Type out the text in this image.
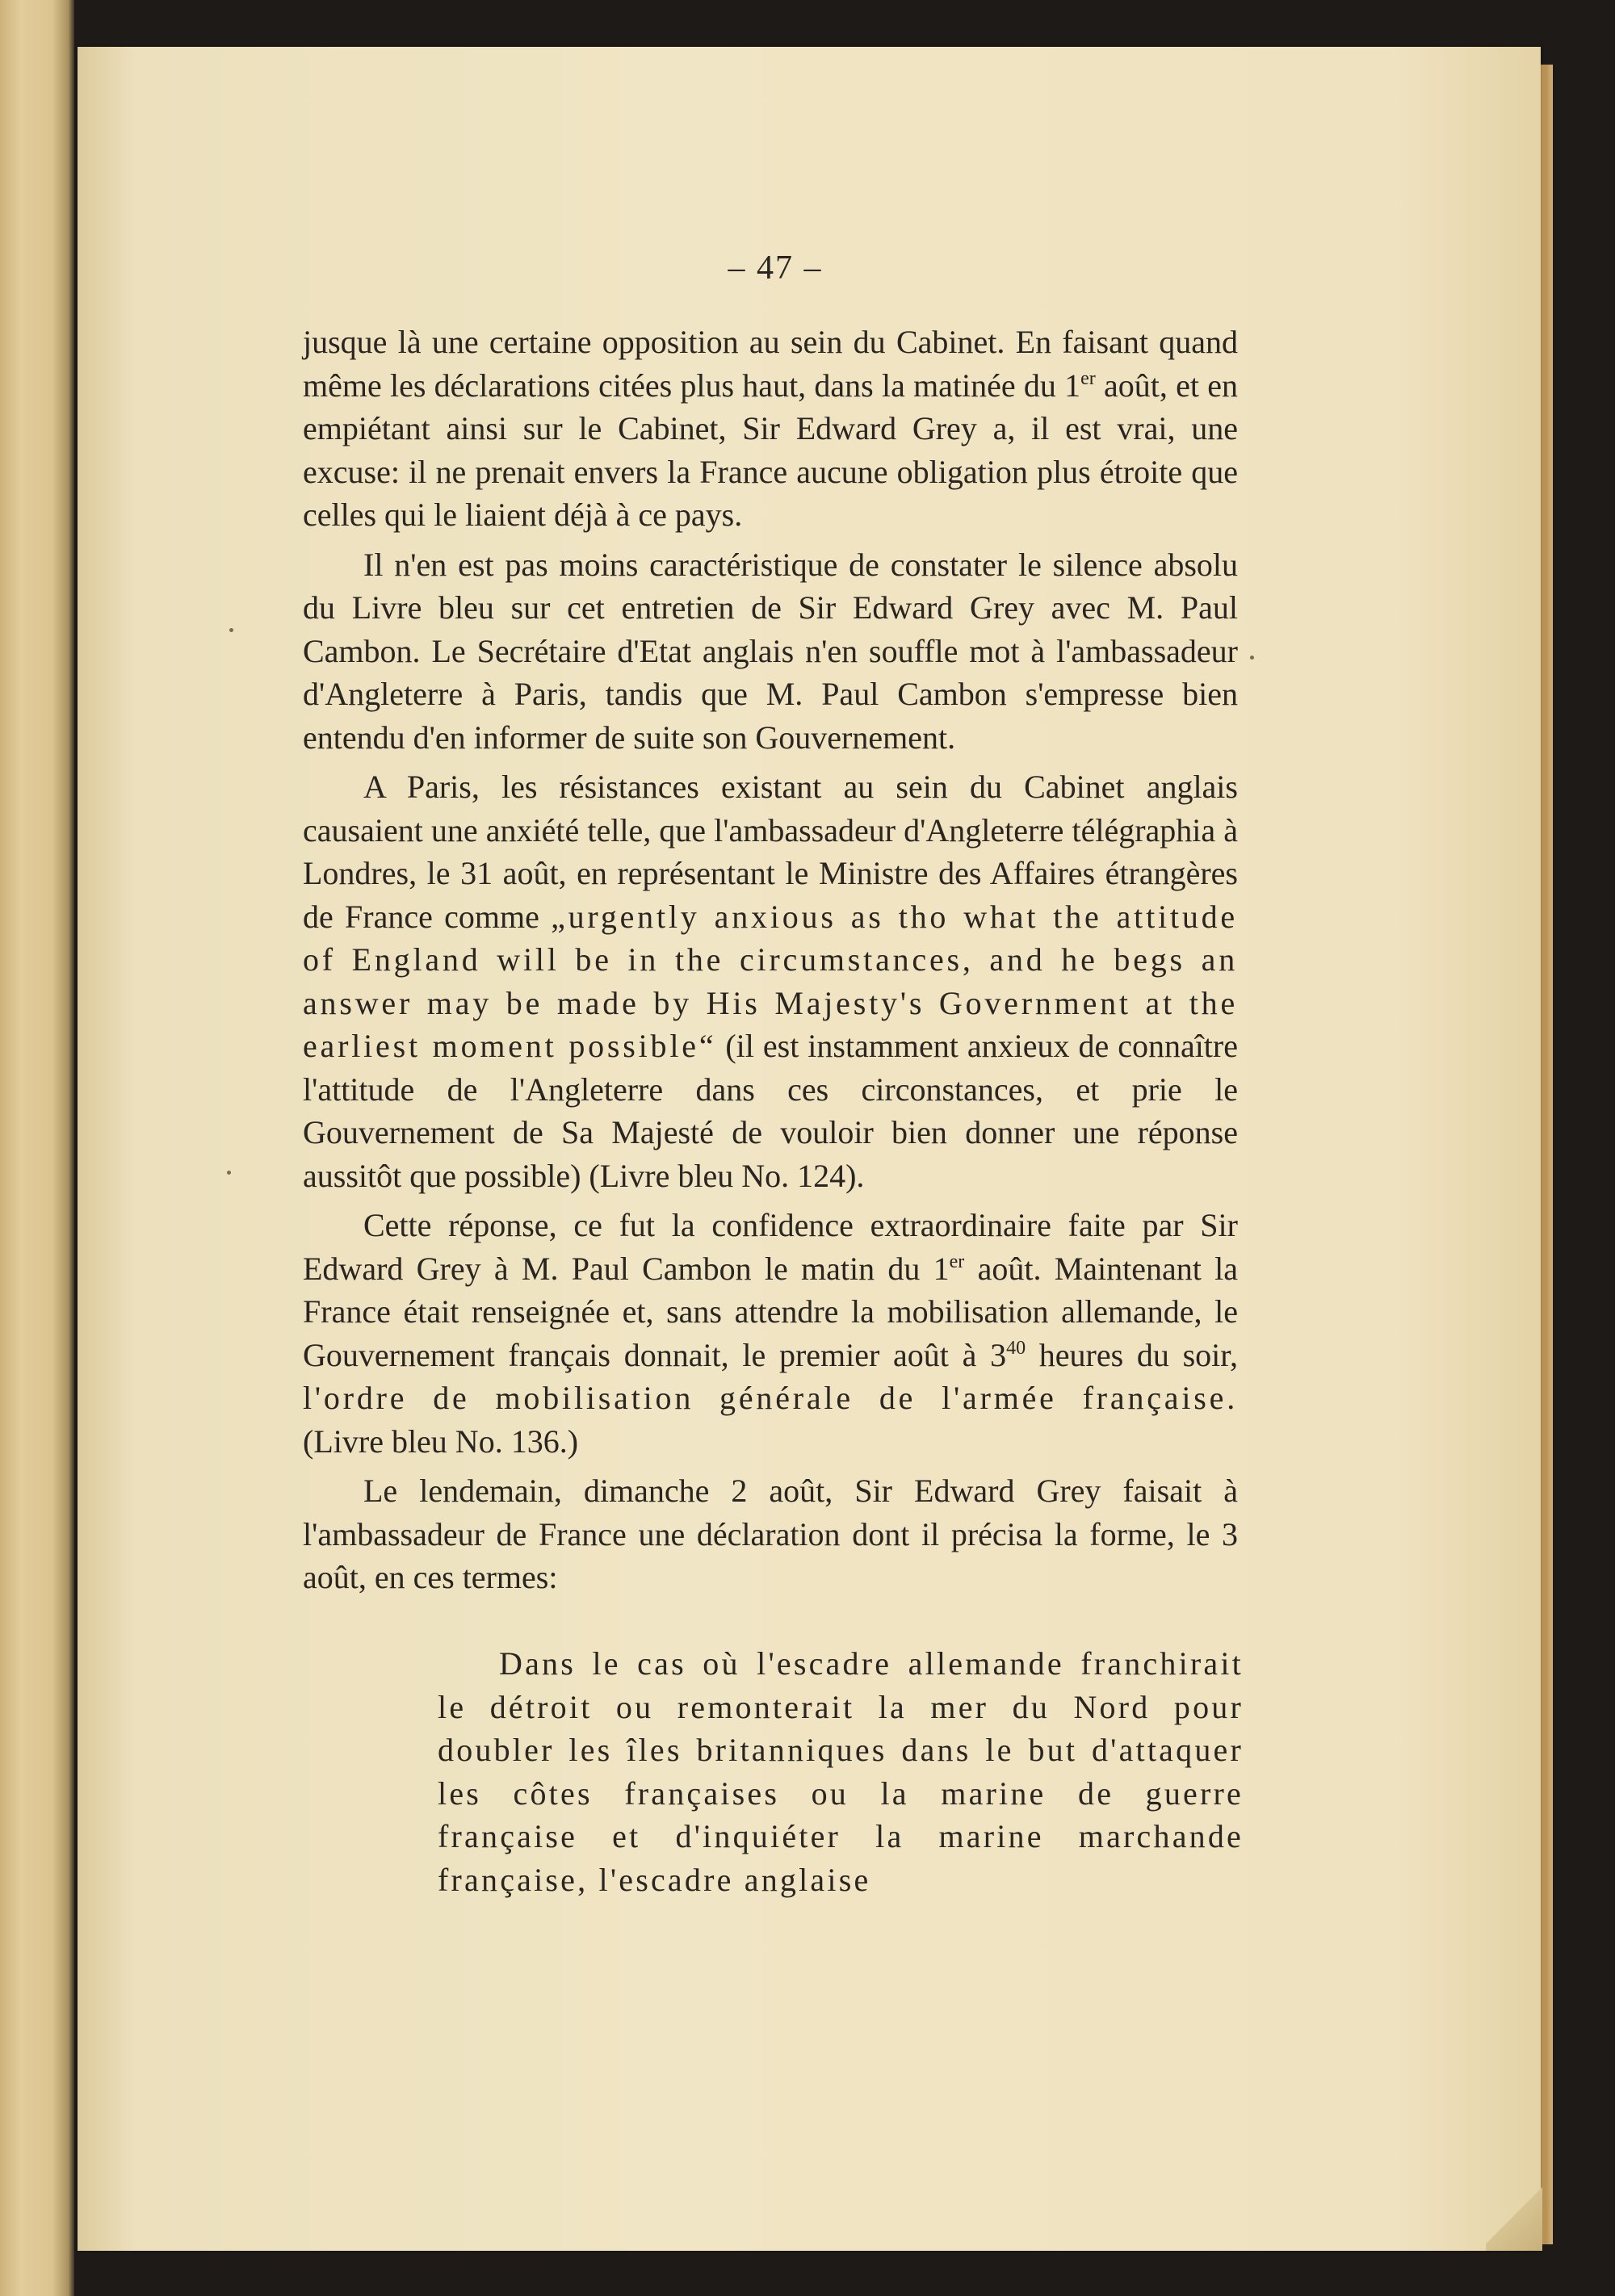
– 47 –

jusque là une certaine opposition au sein du Cabinet. En faisant quand même les déclarations citées plus haut, dans la matinée du 1er août, et en empiétant ainsi sur le Cabinet, Sir Edward Grey a, il est vrai, une excuse: il ne prenait envers la France aucune obligation plus étroite que celles qui le liaient déjà à ce pays.

Il n'en est pas moins caractéristique de constater le silence absolu du Livre bleu sur cet entretien de Sir Edward Grey avec M. Paul Cambon. Le Secrétaire d'Etat anglais n'en souffle mot à l'ambassadeur d'Angleterre à Paris, tandis que M. Paul Cambon s'empresse bien entendu d'en informer de suite son Gouvernement.

A Paris, les résistances existant au sein du Cabinet anglais causaient une anxiété telle, que l'ambassadeur d'Angleterre télégraphia à Londres, le 31 août, en représentant le Ministre des Affaires étrangères de France comme „urgently anxious as tho what the attitude of England will be in the circumstances, and he begs an answer may be made by His Majesty's Government at the earliest moment possible“ (il est instamment anxieux de connaître l'attitude de l'Angleterre dans ces circonstances, et prie le Gouvernement de Sa Majesté de vouloir bien donner une réponse aussitôt que possible) (Livre bleu No. 124).

Cette réponse, ce fut la confidence extraordinaire faite par Sir Edward Grey à M. Paul Cambon le matin du 1er août. Maintenant la France était renseignée et, sans attendre la mobilisation allemande, le Gouvernement français donnait, le premier août à $3^{40}$ heures du soir, l'ordre de mobilisation générale de l'armée française. (Livre bleu No. 136.)

Le lendemain, dimanche 2 août, Sir Edward Grey faisait à l'ambassadeur de France une déclaration dont il précisa la forme, le 3 août, en ces termes:

Dans le cas où l'escadre allemande franchirait le détroit ou remonterait la mer du Nord pour doubler les îles britanniques dans le but d'attaquer les côtes françaises ou la marine de guerre française et d'inquiéter la marine marchande française, l'escadre anglaise
